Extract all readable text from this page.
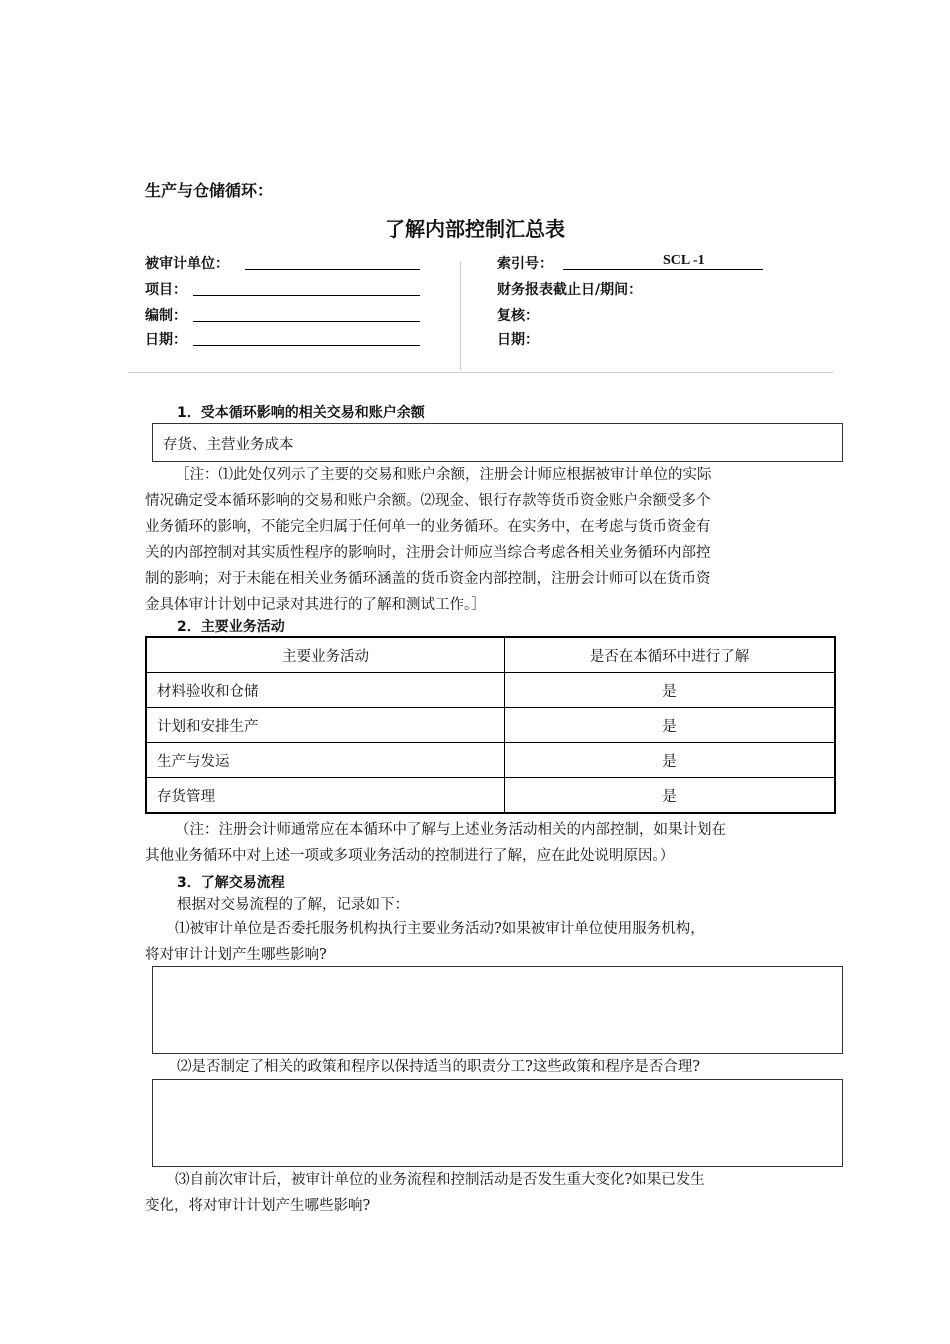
生产与仓储循环：
了解内部控制汇总表
被审计单位：
项目：
编制：
日期：
索引号：	SCL -1
财务报表截止日/期间：
复核：
日期：
1．受本循环影响的相关交易和账户余额
存货、主营业务成本
［注：⑴此处仅列示了主要的交易和账户余额，注册会计师应根据被审计单位的实际
情况确定受本循环影响的交易和账户余额。⑵现金、银行存款等货币资金账户余额受多个
业务循环的影响，不能完全归属于任何单一的业务循环。在实务中，在考虑与货币资金有
关的内部控制对其实质性程序的影响时，注册会计师应当综合考虑各相关业务循环内部控
制的影响；对于未能在相关业务循环涵盖的货币资金内部控制，注册会计师可以在货币资
金具体审计计划中记录对其进行的了解和测试工作。］
2．主要业务活动
主要业务活动	是否在本循环中进行了解
材料验收和仓储	是
计划和安排生产	是
生产与发运	是
存货管理	是
（注：注册会计师通常应在本循环中了解与上述业务活动相关的内部控制，如果计划在
其他业务循环中对上述一项或多项业务活动的控制进行了解，应在此处说明原因。）
3．了解交易流程
根据对交易流程的了解，记录如下：
⑴被审计单位是否委托服务机构执行主要业务活动?如果被审计单位使用服务机构，
将对审计计划产生哪些影响?
⑵是否制定了相关的政策和程序以保持适当的职责分工?这些政策和程序是否合理?
⑶自前次审计后，被审计单位的业务流程和控制活动是否发生重大变化?如果已发生
变化，将对审计计划产生哪些影响?
